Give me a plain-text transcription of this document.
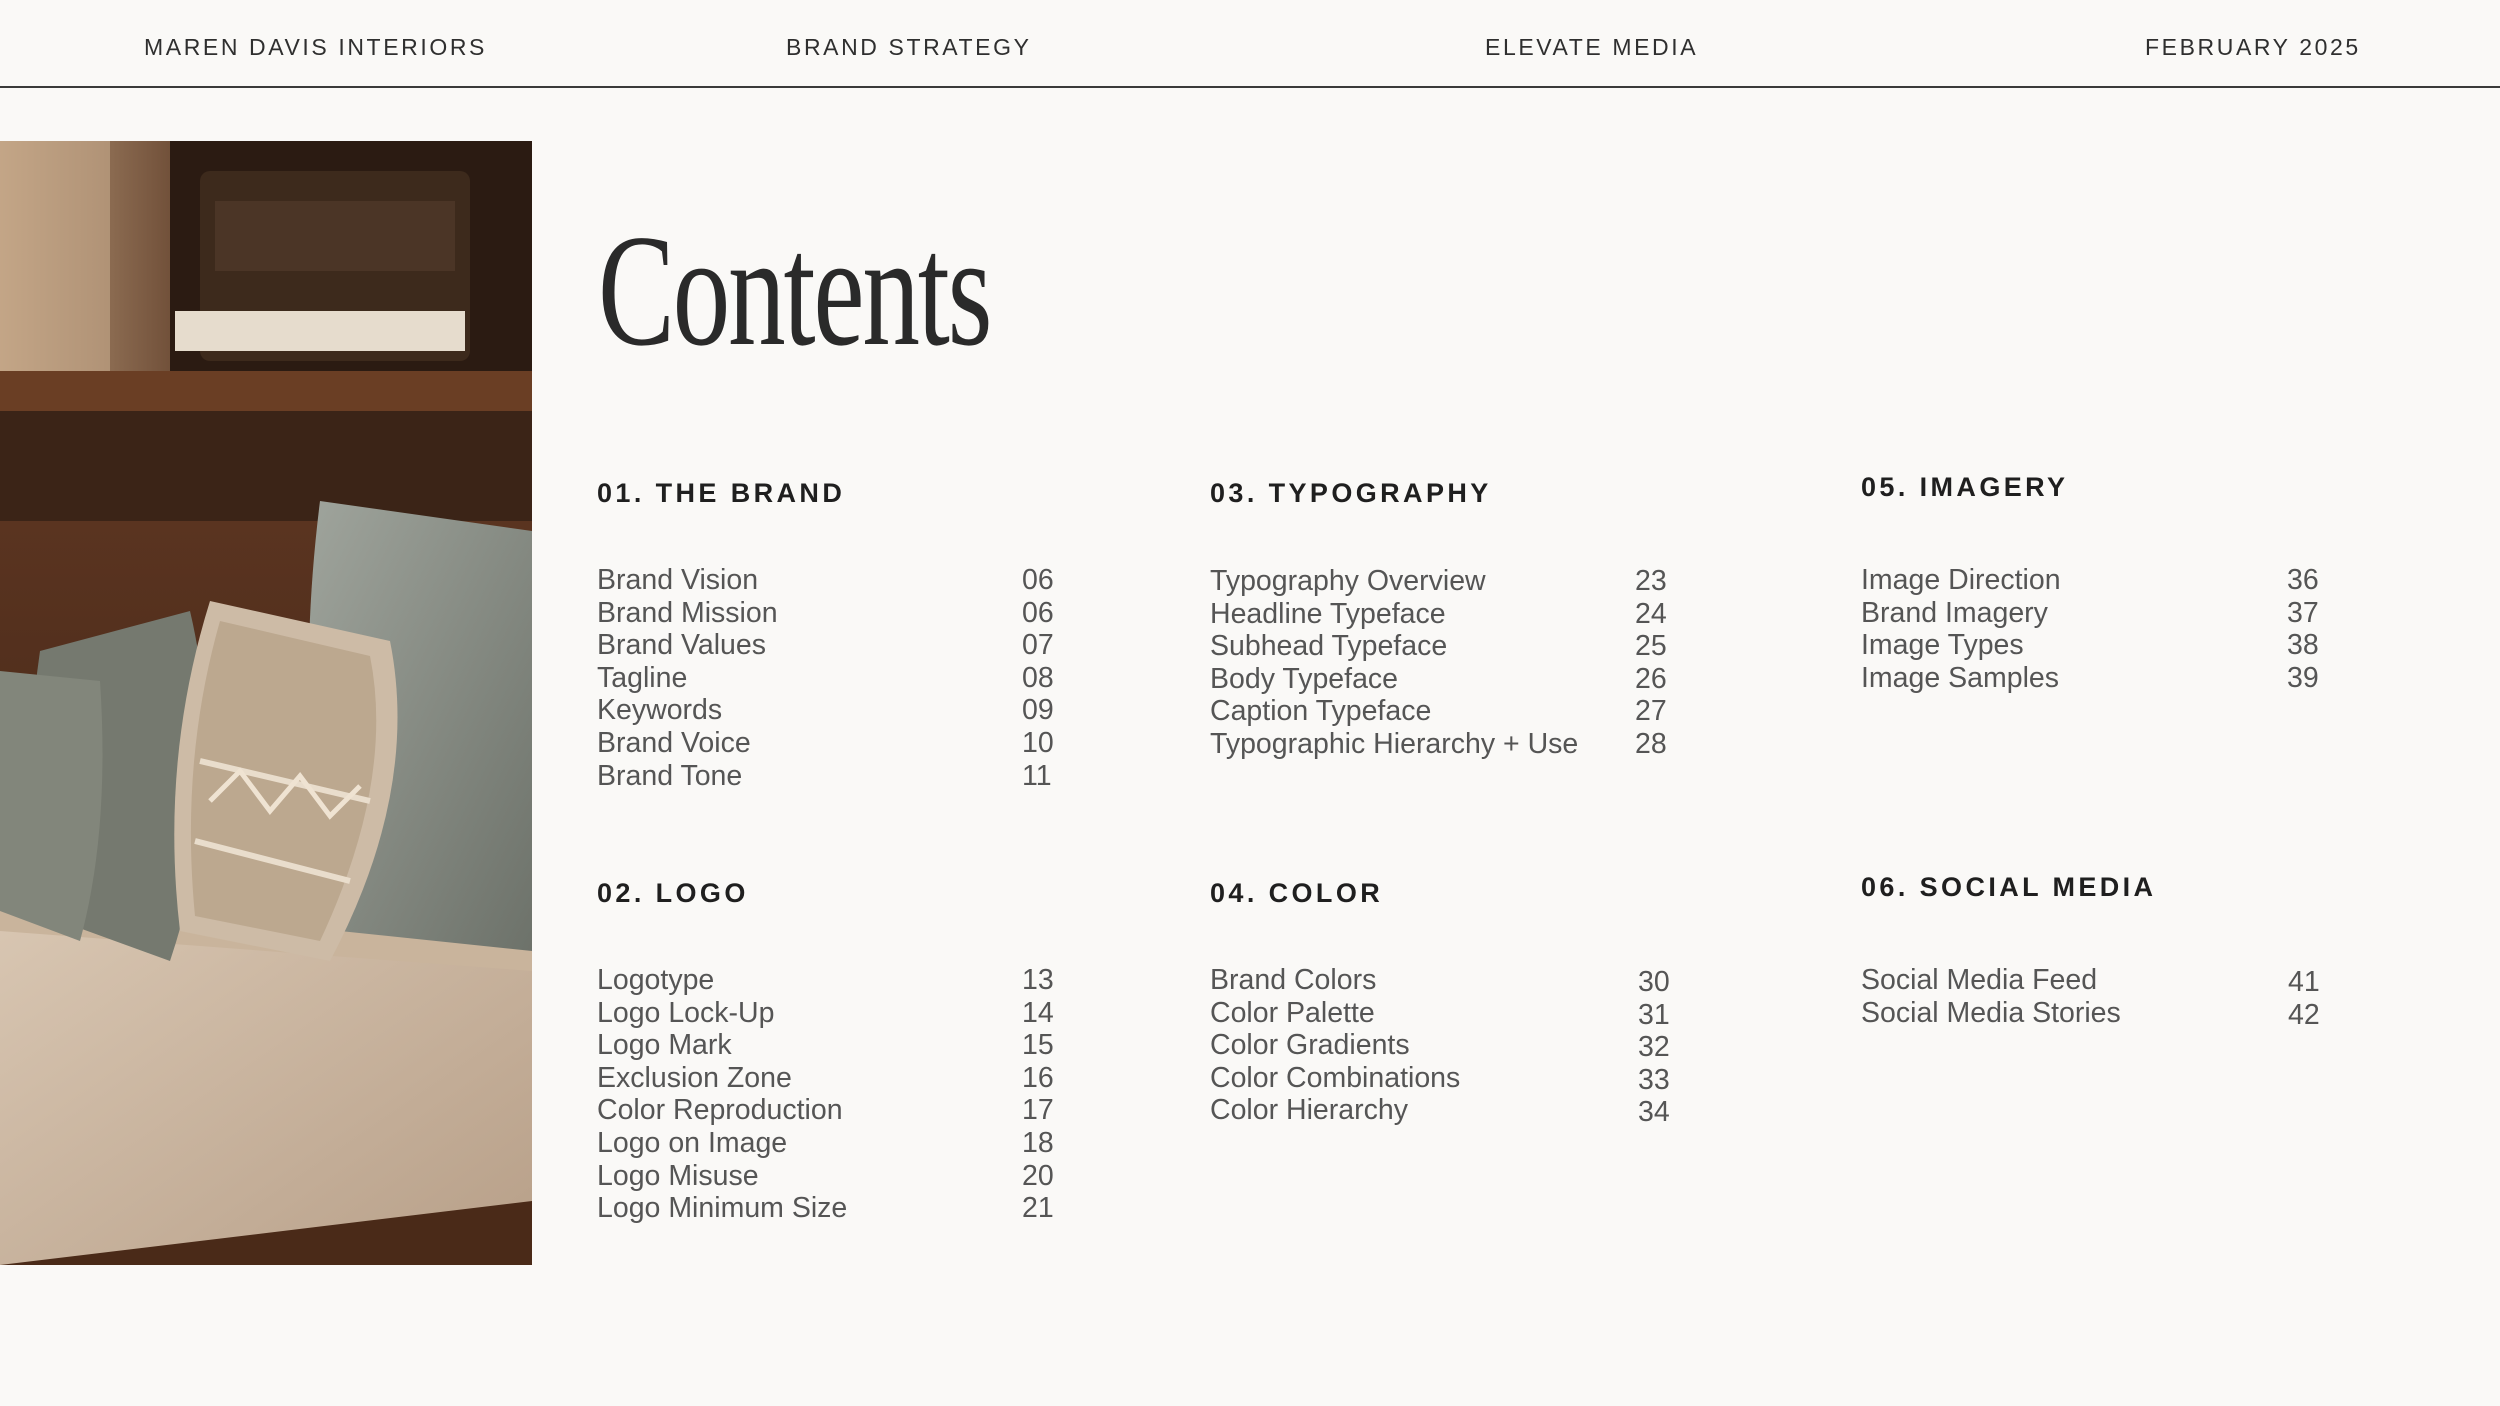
MAREN DAVIS INTERIORS	BRAND STRATEGY	ELEVATE MEDIA	FEBRUARY 2025
Contents
01. THE BRAND
Brand Vision	06
Brand Mission	06
Brand Values	07
Tagline	08
Keywords	09
Brand Voice	10
Brand Tone	11
02. LOGO
Logotype	13
Logo Lock-Up	14
Logo Mark	15
Exclusion Zone	16
Color Reproduction	17
Logo on Image	18
Logo Misuse	20
Logo Minimum Size	21
03. TYPOGRAPHY
Typography Overview	23
Headline Typeface	24
Subhead Typeface	25
Body Typeface	26
Caption Typeface	27
Typographic Hierarchy + Use 28
04. COLOR
Brand Colors	30
Color Palette	31
Color Gradients	32
Color Combinations	33
Color Hierarchy	34
05. IMAGERY
Image Direction	36
Brand Imagery	37
Image Types	38
Image Samples	39
06. SOCIAL MEDIA
Social Media Feed	41
Social Media Stories	42
